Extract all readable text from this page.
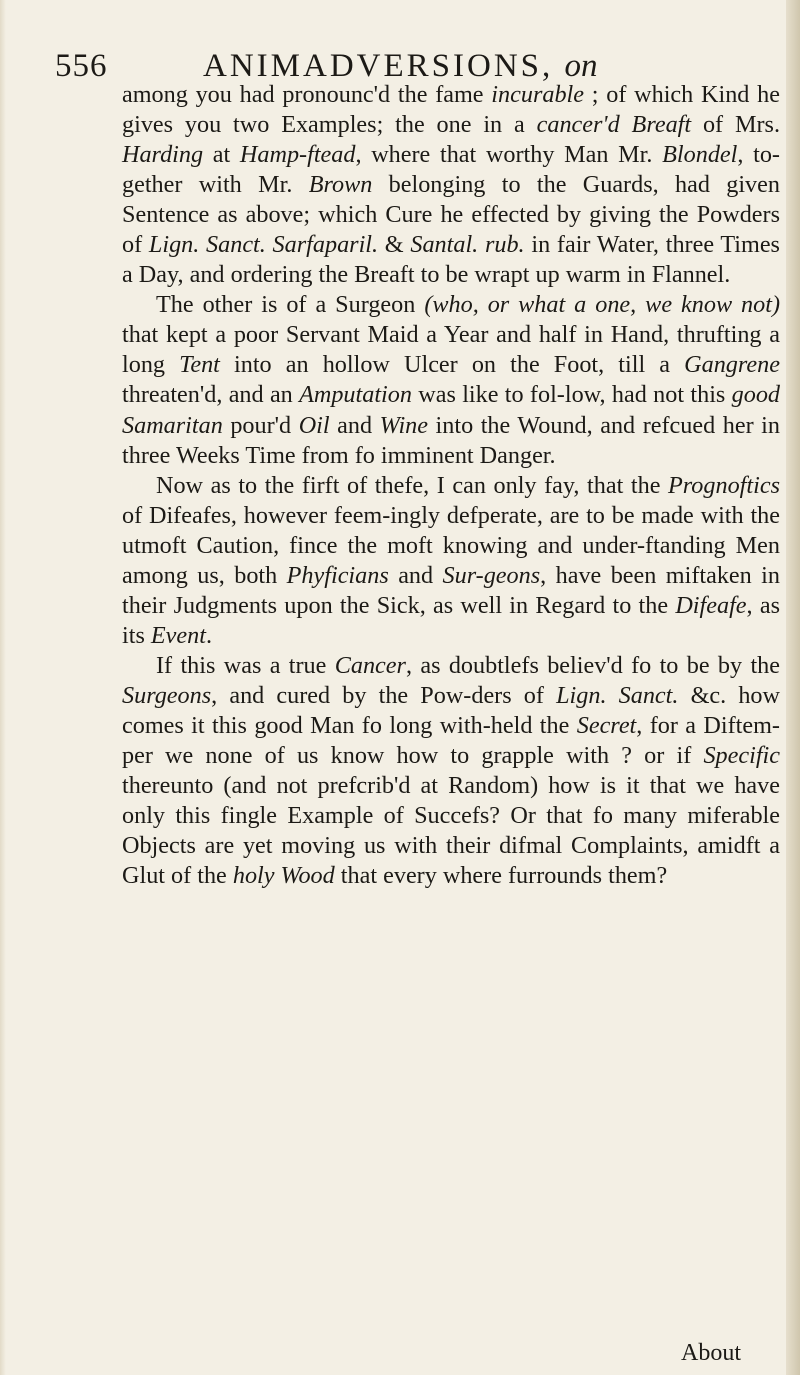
556	ANIMADVERSIONS, on

among you had pronounc'd the fame incurable ; of which Kind he gives you two Examples; the one in a cancer'd Breaft of Mrs. Harding at Hamp-ftead, where that worthy Man Mr. Blondel, to-gether with Mr. Brown belonging to the Guards, had given Sentence as above; which Cure he effected by giving the Powders of Lign. Sanct. Sarfaparil. & Santal. rub. in fair Water, three Times a Day, and ordering the Breaft to be wrapt up warm in Flannel.

The other is of a Surgeon (who, or what a one, we know not) that kept a poor Servant Maid a Year and half in Hand, thrufting a long Tent into an hollow Ulcer on the Foot, till a Gangrene threaten'd, and an Amputation was like to fol-low, had not this good Samaritan pour'd Oil and Wine into the Wound, and refcued her in three Weeks Time from fo imminent Danger.

Now as to the firft of thefe, I can only fay, that the Prognoftics of Difeafes, however feem-ingly defperate, are to be made with the utmoft Caution, fince the moft knowing and under-ftanding Men among us, both Phyficians and Sur-geons, have been miftaken in their Judgments upon the Sick, as well in Regard to the Difeafe, as its Event.

If this was a true Cancer, as doubtlefs believ'd fo to be by the Surgeons, and cured by the Pow-ders of Lign. Sanct. &c. how comes it this good Man fo long with-held the Secret, for a Diftem-per we none of us know how to grapple with ? or if Specific thereunto (and not prefcrib'd at Random) how is it that we have only this fingle Example of Succefs? Or that fo many miferable Objects are yet moving us with their difmal Complaints, amidft a Glut of the holy Wood that every where furrounds them?

About
